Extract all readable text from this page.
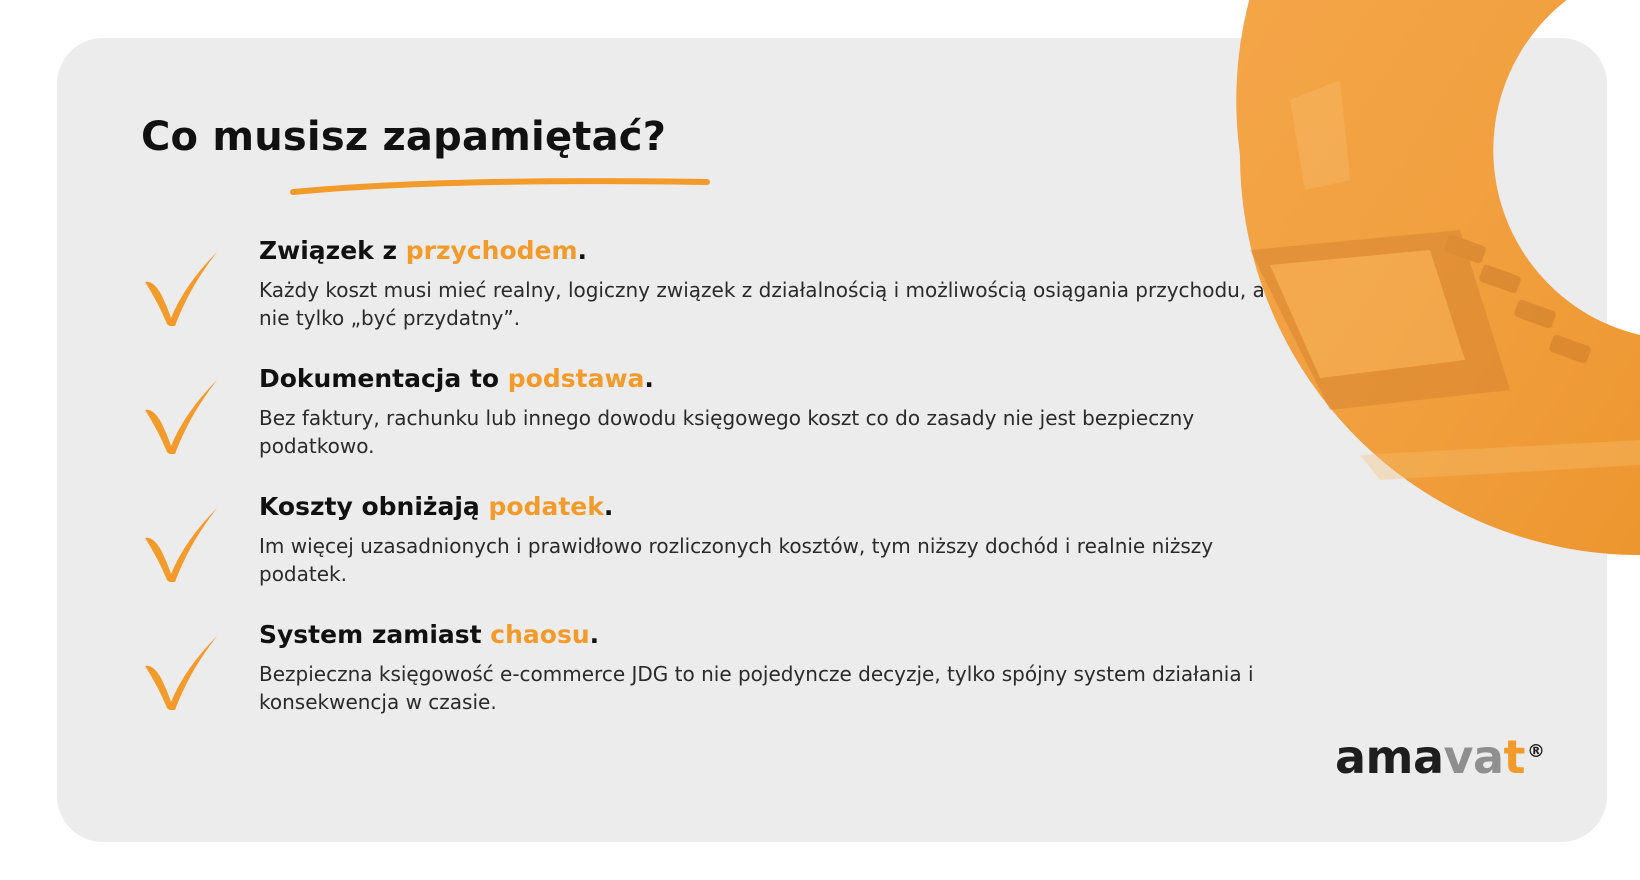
Co musisz zapamiętać?
Związek z przychodem.

Każdy koszt musi mieć realny, logiczny związek z działalnością i możliwością osiągania przychodu, a nie tylko „być przydatny”.

Dokumentacja to podstawa.

Bez faktury, rachunku lub innego dowodu księgowego koszt co do zasady nie jest bezpieczny podatkowo.

Koszty obniżają podatek.

Im więcej uzasadnionych i prawidłowo rozliczonych kosztów, tym niższy dochód i realnie niższy podatek.

System zamiast chaosu.

Bezpieczna księgowość e-commerce JDG to nie pojedyncze decyzje, tylko spójny system działania i konsekwencja w czasie.

amavat ®
